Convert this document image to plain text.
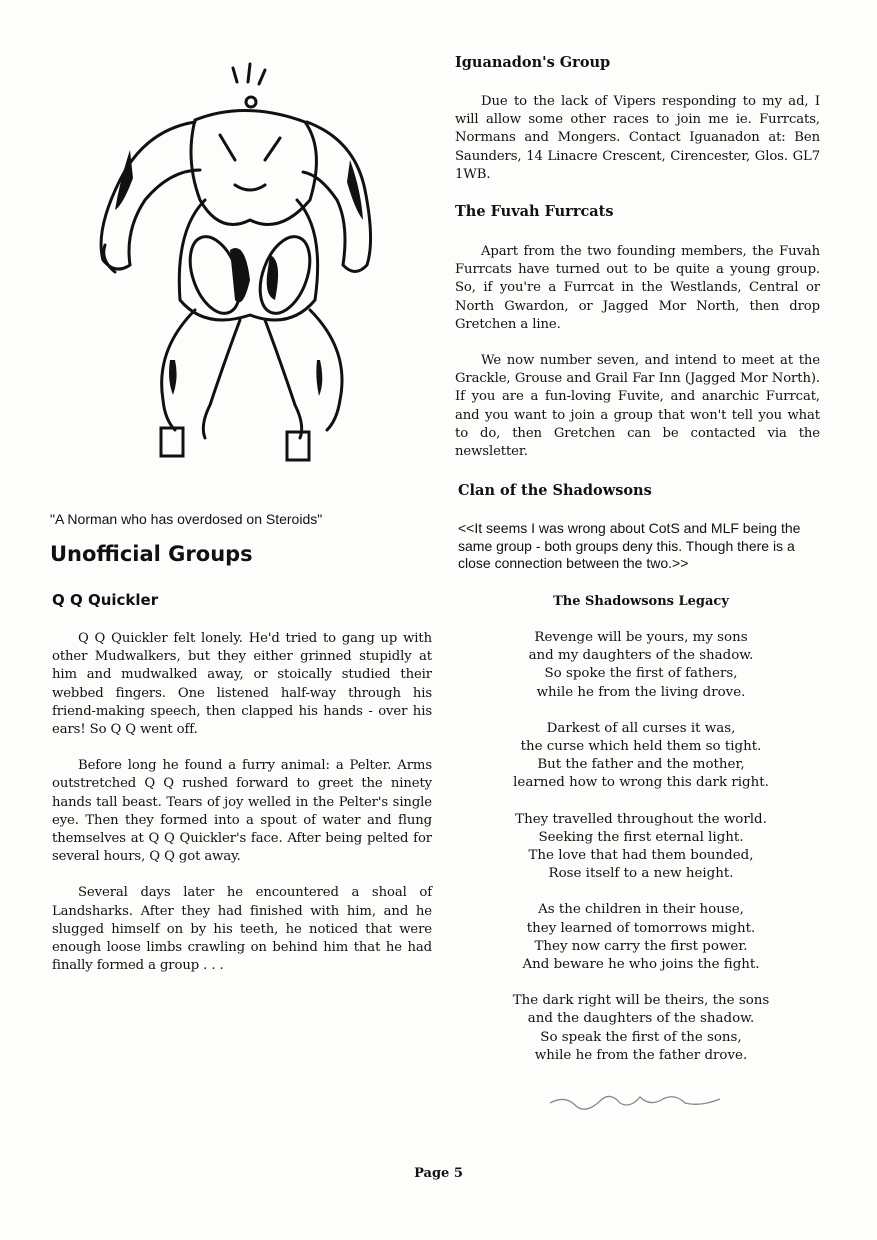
"A Norman who has overdosed on Steroids"
Unofficial Groups
Q Q Quickler

Q Q Quickler felt lonely. He'd tried to gang up with other Mudwalkers, but they either grinned stupidly at him and mudwalked away, or stoically studied their webbed fingers. One listened half-way through his friend-making speech, then clapped his hands - over his ears! So Q Q went off.

Before long he found a furry animal: a Pelter. Arms outstretched Q Q rushed forward to greet the ninety hands tall beast. Tears of joy welled in the Pelter's single eye. Then they formed into a spout of water and flung themselves at Q Q Quickler's face. After being pelted for several hours, Q Q got away.

Several days later he encountered a shoal of Landsharks. After they had finished with him, and he slugged himself on by his teeth, he noticed that were enough loose limbs crawling on behind him that he had finally formed a group . . .

Iguanadon's Group

Due to the lack of Vipers responding to my ad, I will allow some other races to join me ie. Furrcats, Normans and Mongers. Contact Iguanadon at: Ben Saunders, 14 Linacre Crescent, Cirencester, Glos. GL7 1WB.

The Fuvah Furrcats

Apart from the two founding members, the Fuvah Furrcats have turned out to be quite a young group. So, if you're a Furrcat in the Westlands, Central or North Gwardon, or Jagged Mor North, then drop Gretchen a line.

We now number seven, and intend to meet at the Grackle, Grouse and Grail Far Inn (Jagged Mor North). If you are a fun-loving Fuvite, and anarchic Furrcat, and you want to join a group that won't tell you what to do, then Gretchen can be contacted via the newsletter.

Clan of the Shadowsons

<<It seems I was wrong about CotS and MLF being the same group - both groups deny this. Though there is a close connection between the two.>>

The Shadowsons Legacy
Revenge will be yours, my sons
and my daughters of the shadow.
So spoke the first of fathers,
while he from the living drove.
Darkest of all curses it was,
the curse which held them so tight.
But the father and the mother,
learned how to wrong this dark right.
They travelled throughout the world.
Seeking the first eternal light.
The love that had them bounded,
Rose itself to a new height.
As the children in their house,
they learned of tomorrows might.
They now carry the first power.
And beware he who joins the fight.
The dark right will be theirs, the sons
and the daughters of the shadow.
So speak the first of the sons,
while he from the father drove.
Page 5
